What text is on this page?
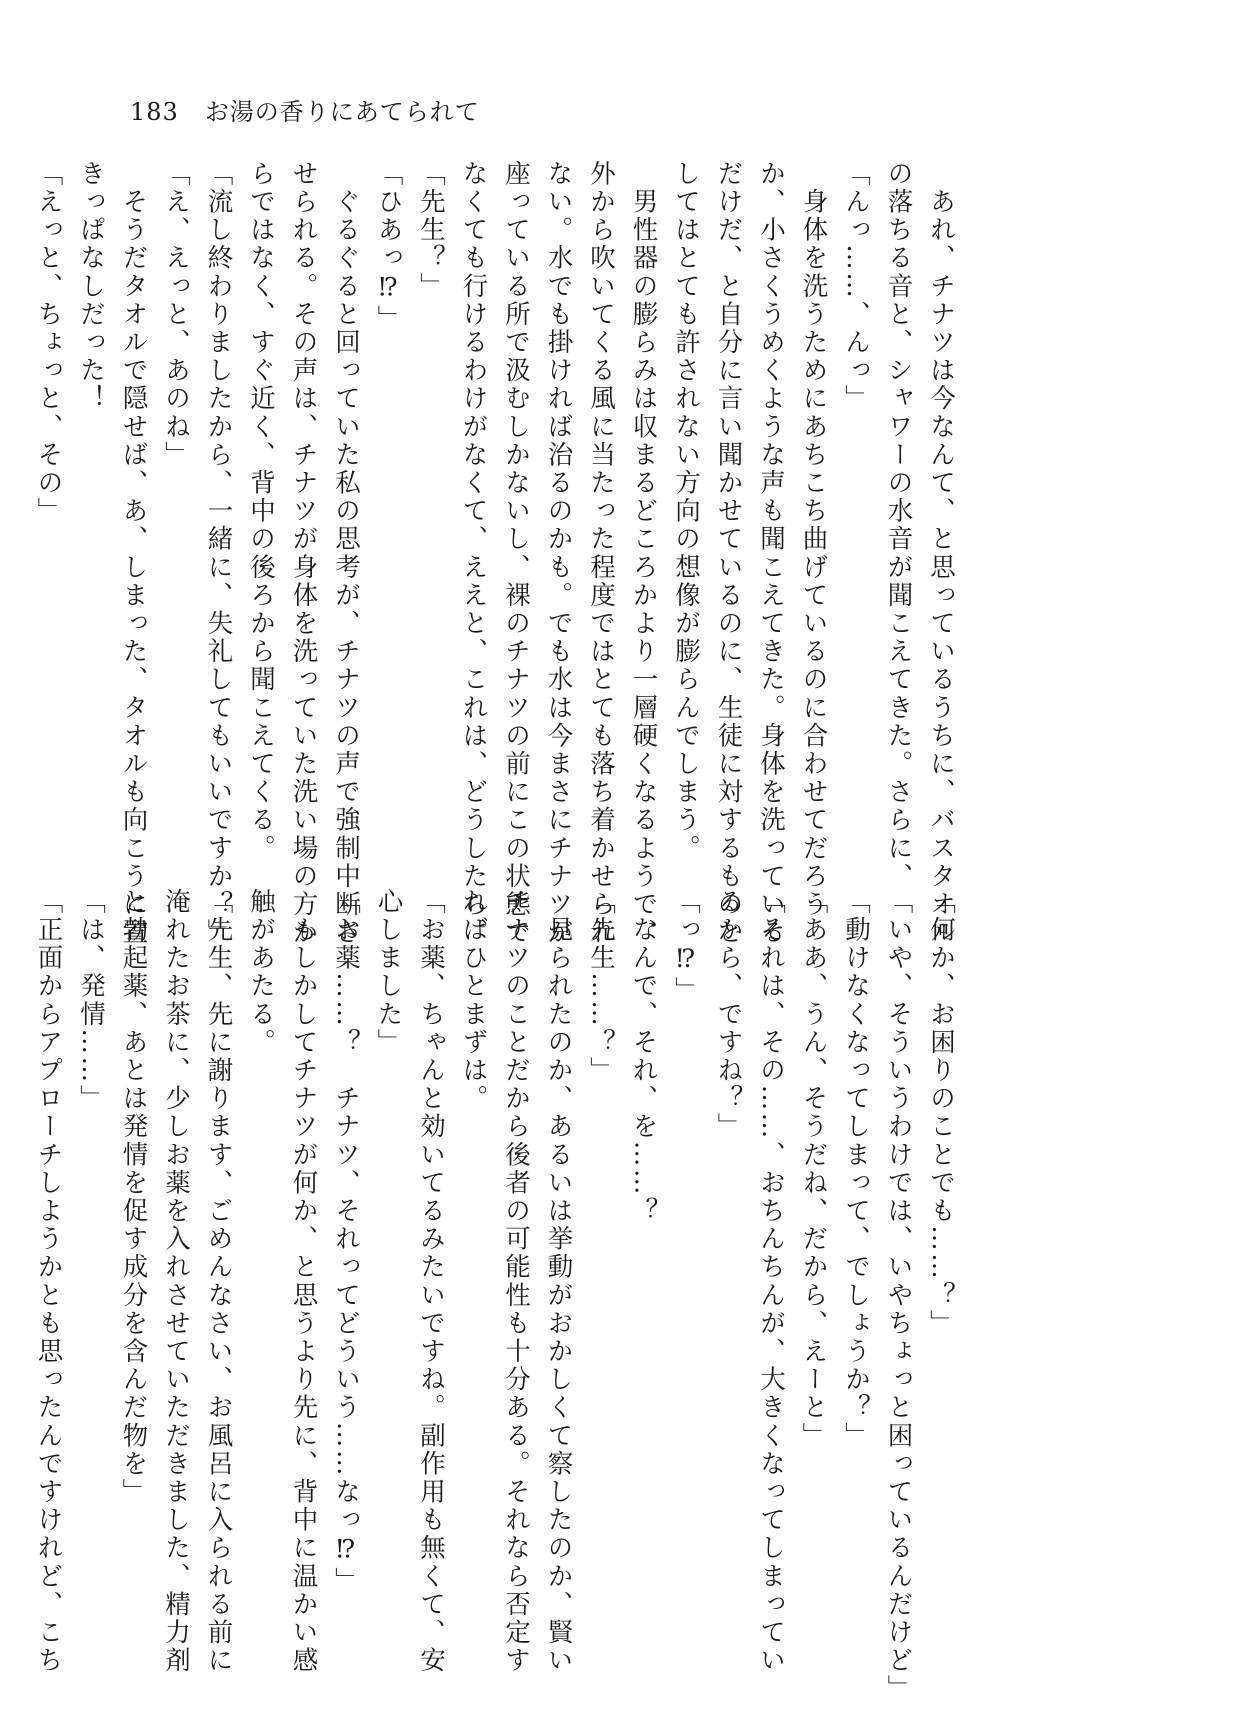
183 お湯の香りにあてられて
　あれ、チナツは今なんて、と思っているうちに、バスタオル
の落ちる音と、シャワーの水音が聞こえてきた。さらに、
「んっ……、んっ」
　身体を洗うためにあちこち曲げているのに合わせてだろう
か、小さくうめくような声も聞こえてきた。身体を洗っている
だけだ、と自分に言い聞かせているのに、生徒に対するものと
してはとても許されない方向の想像が膨らんでしまう。
　男性器の膨らみは収まるどころかより一層硬くなるようで、
外から吹いてくる風に当たった程度ではとても落ち着かせられ
ない。水でも掛ければ治るのかも。でも水は今まさにチナツが
座っている所で汲むしかないし、裸のチナツの前にこの状態で
なくても行けるわけがなくて、ええと、これは、どうしたら。
「先生？」
「ひあっ⁉」
　ぐるぐると回っていた私の思考が、チナツの声で強制中断さ
せられる。その声は、チナツが身体を洗っていた洗い場の方か
らではなく、すぐ近く、背中の後ろから聞こえてくる。
「流し終わりましたから、一緒に、失礼してもいいですか？」
「え、えっと、あのね」
　そうだタオルで隠せば、あ、しまった、タオルも向こうに置
きっぱなしだった！
「えっと、ちょっと、その」
「何か、お困りのことでも……？」
「いや、そういうわけでは、いやちょっと困っているんだけど」
「動けなくなってしまって、でしょうか？」
「ああ、うん、そうだね、だから、えーと」
「それは、その……、おちんちんが、大きくなってしまってい
るから、ですね？」
「っ⁉」
　なんで、それ、を……？
「先生……？」
　見られたのか、あるいは挙動がおかしくて察したのか、賢い
チナツのことだから後者の可能性も十分ある。それなら否定す
ればひとまずは。
「お薬、ちゃんと効いてるみたいですね。副作用も無くて、安
心しました」
「お薬……？　チナツ、それってどういう……なっ⁉」
　もしかしてチナツが何か、と思うより先に、背中に温かい感
触があたる。
「先生、先に謝ります、ごめんなさい、お風呂に入られる前に
淹れたお茶に、少しお薬を入れさせていただきました、精力剤
と勃起薬、あとは発情を促す成分を含んだ物を」
「は、発情……」
「正面からアプローチしようかとも思ったんですけれど、こち
